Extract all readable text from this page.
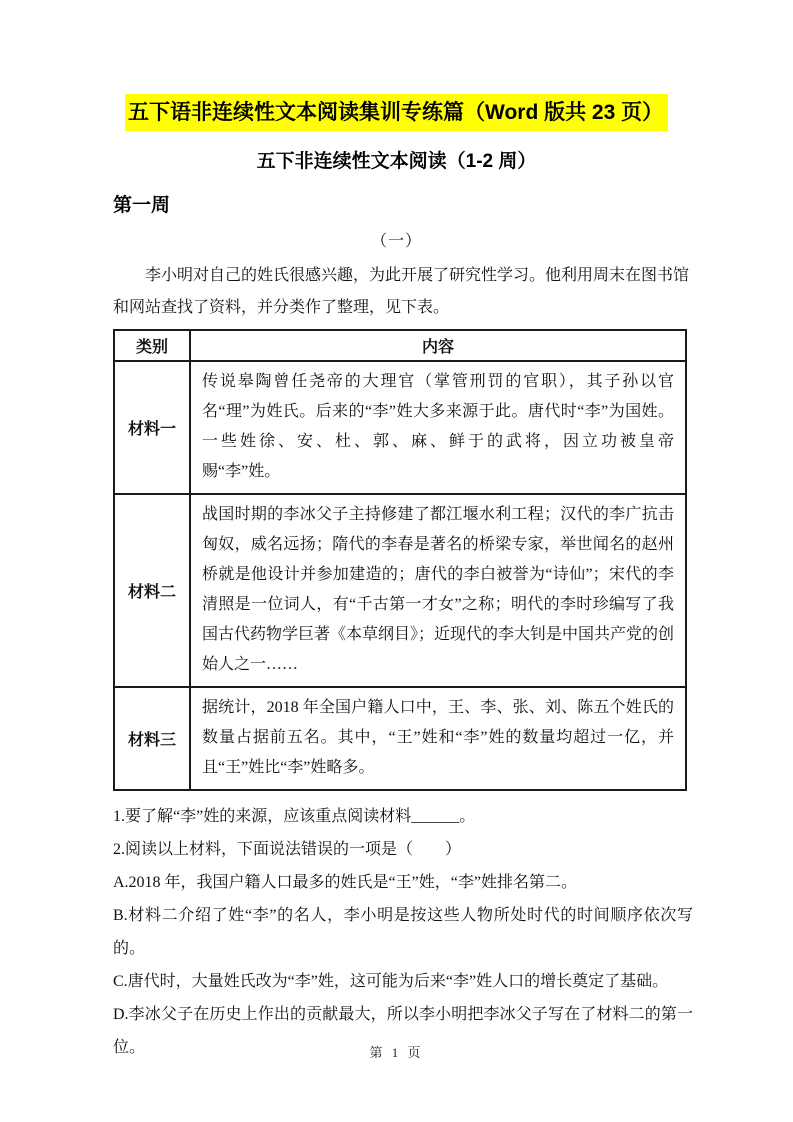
五下语非连续性文本阅读集训专练篇（Word 版共 23 页）
五下非连续性文本阅读（1-2 周）
第一周
（一）

李小明对自己的姓氏很感兴趣，为此开展了研究性学习。他利用周末在图书馆和网站查找了资料，并分类作了整理，见下表。

类别	内容
材料一	传说皋陶曾任尧帝的大理官（掌管刑罚的官职），其子孙以官名“理”为姓氏。后来的“李”姓大多来源于此。唐代时“李”为国姓。一些姓徐、安、杜、郭、麻、鲜于的武将，因立功被皇帝赐“李”姓。
材料二	战国时期的李冰父子主持修建了都江堰水利工程；汉代的李广抗击匈奴，威名远扬；隋代的李春是著名的桥梁专家，举世闻名的赵州桥就是他设计并参加建造的；唐代的李白被誉为“诗仙”；宋代的李清照是一位词人，有“千古第一才女”之称；明代的李时珍编写了我国古代药物学巨著《本草纲目》；近现代的李大钊是中国共产党的创始人之一……
材料三	据统计，2018 年全国户籍人口中，王、李、张、刘、陈五个姓氏的数量占据前五名。其中，“王”姓和“李”姓的数量均超过一亿，并且“王”姓比“李”姓略多。

1.要了解“李”姓的来源，应该重点阅读材料______。

2.阅读以上材料，下面说法错误的一项是（　　）

A.2018 年，我国户籍人口最多的姓氏是“王”姓，“李”姓排名第二。

B.材料二介绍了姓“李”的名人，李小明是按这些人物所处时代的时间顺序依次写的。

C.唐代时，大量姓氏改为“李”姓，这可能为后来“李”姓人口的增长奠定了基础。

D.李冰父子在历史上作出的贡献最大，所以李小明把李冰父子写在了材料二的第一位。	第 1 页
